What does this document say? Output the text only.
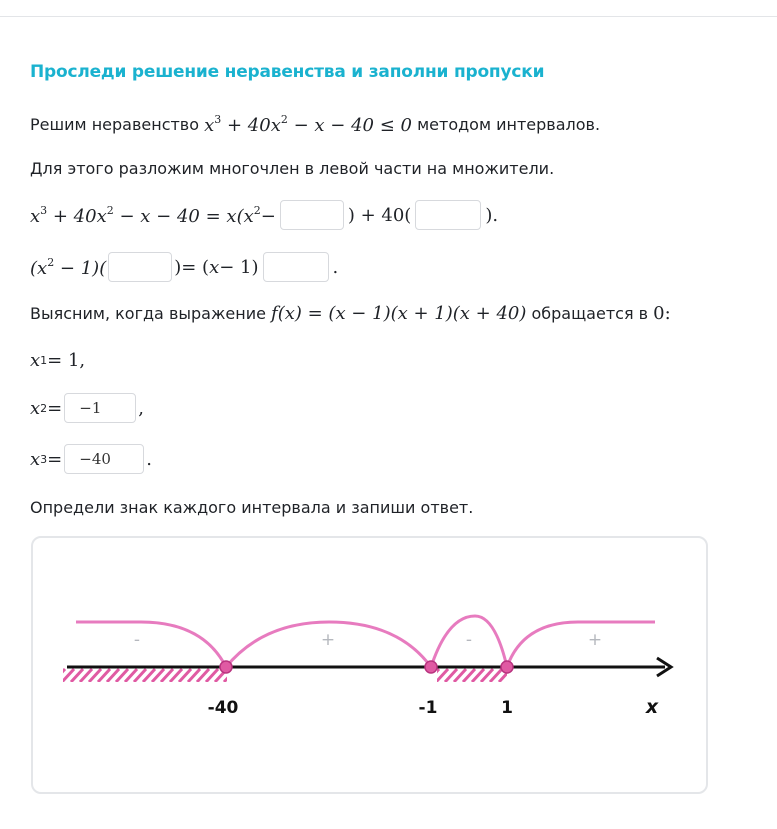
Проследи решение неравенства и заполни пропуски
Решим неравенство
$x^3 + 40x^2 - x - 40 \le 0$
методом интервалов.
Для этого разложим многочлен в левой части на множители.
$x^3 + 40x^2 - x - 40 = x(x^2-$	) + 40(	).
$(x^2 - 1)$(	)= ( x − 1)	.
Выясним, когда выражение
f(x) = (x − 1)(x + 1)(x + 40)
обращается в
0:
x 1 = 1,
x 2 =	−1	,
x 3 =	−40	.
Определи знак каждого интервала и запиши ответ.
-	+	-	+
-40	-1	1	x
